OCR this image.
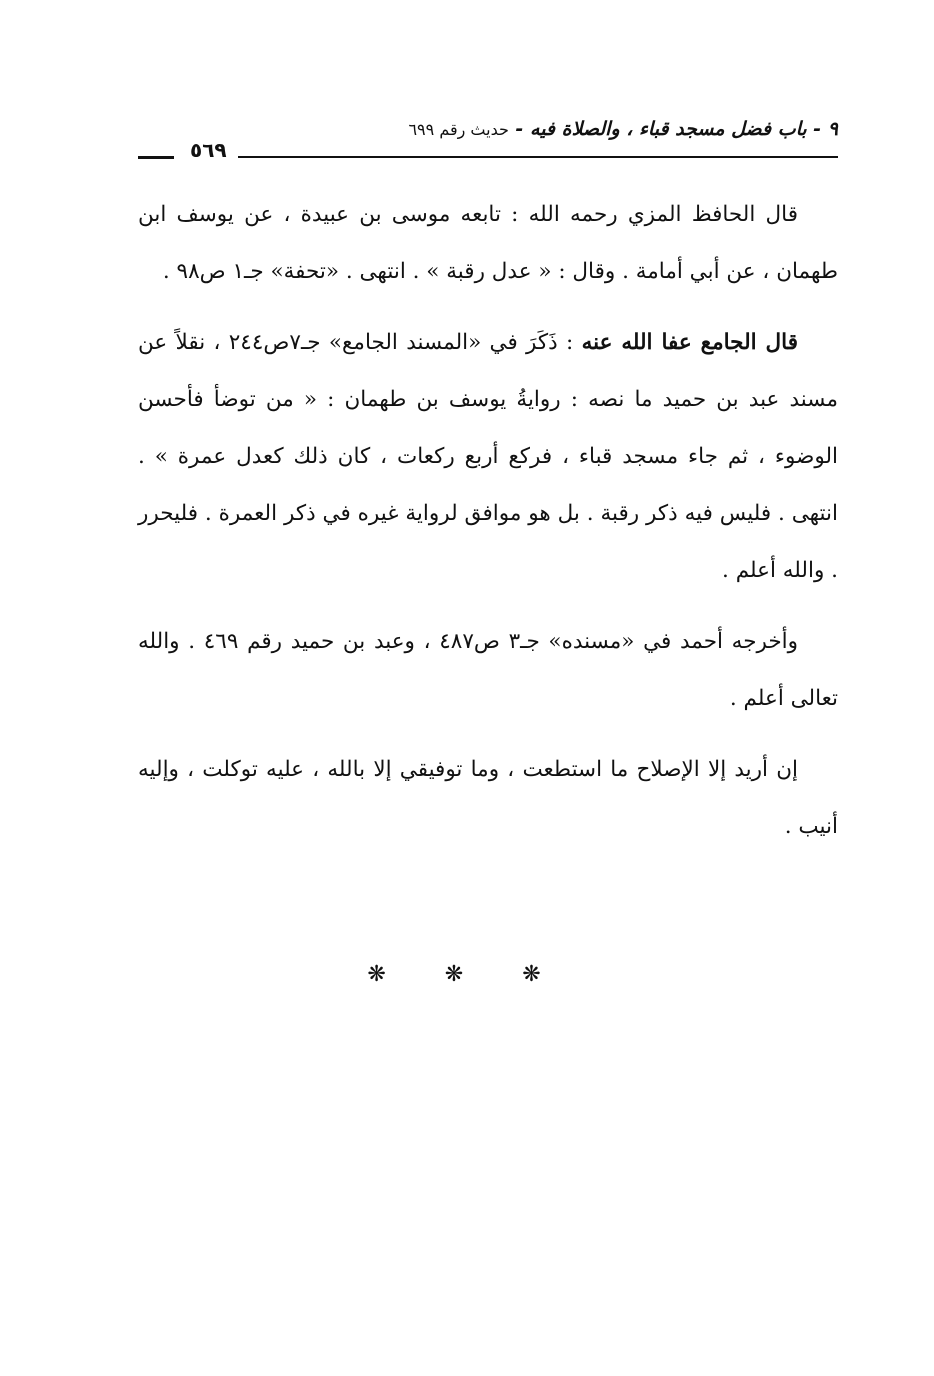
٩ - باب فضل مسجد قباء ، والصلاة فيه - حديث رقم ٦٩٩
٥٦٩

قال الحافظ المزي رحمه الله : تابعه موسى بن عبيدة ، عن يوسف ابن طهمان ، عن أبي أمامة . وقال : « عدل رقبة » . انتهى . «تحفة» جـ١ ص٩٨ .

قال الجامع عفا الله عنه : ذَكَرَ في «المسند الجامع» جـ٧ص٢٤٤ ، نقلاً عن مسند عبد بن حميد ما نصه : روايةُ يوسف بن طهمان : « من توضأ فأحسن الوضوء ، ثم جاء مسجد قباء ، فركع أربع ركعات ، كان ذلك كعدل عمرة » . انتهى . فليس فيه ذكر رقبة . بل هو موافق لرواية غيره في ذكر العمرة . فليحرر . والله أعلم .

وأخرجه أحمد في «مسنده» جـ٣ ص٤٨٧ ، وعبد بن حميد رقم ٤٦٩ . والله تعالى أعلم .

إن أريد إلا الإصلاح ما استطعت ، وما توفيقي إلا بالله ، عليه توكلت ، وإليه أنيب .

❋ ❋ ❋
